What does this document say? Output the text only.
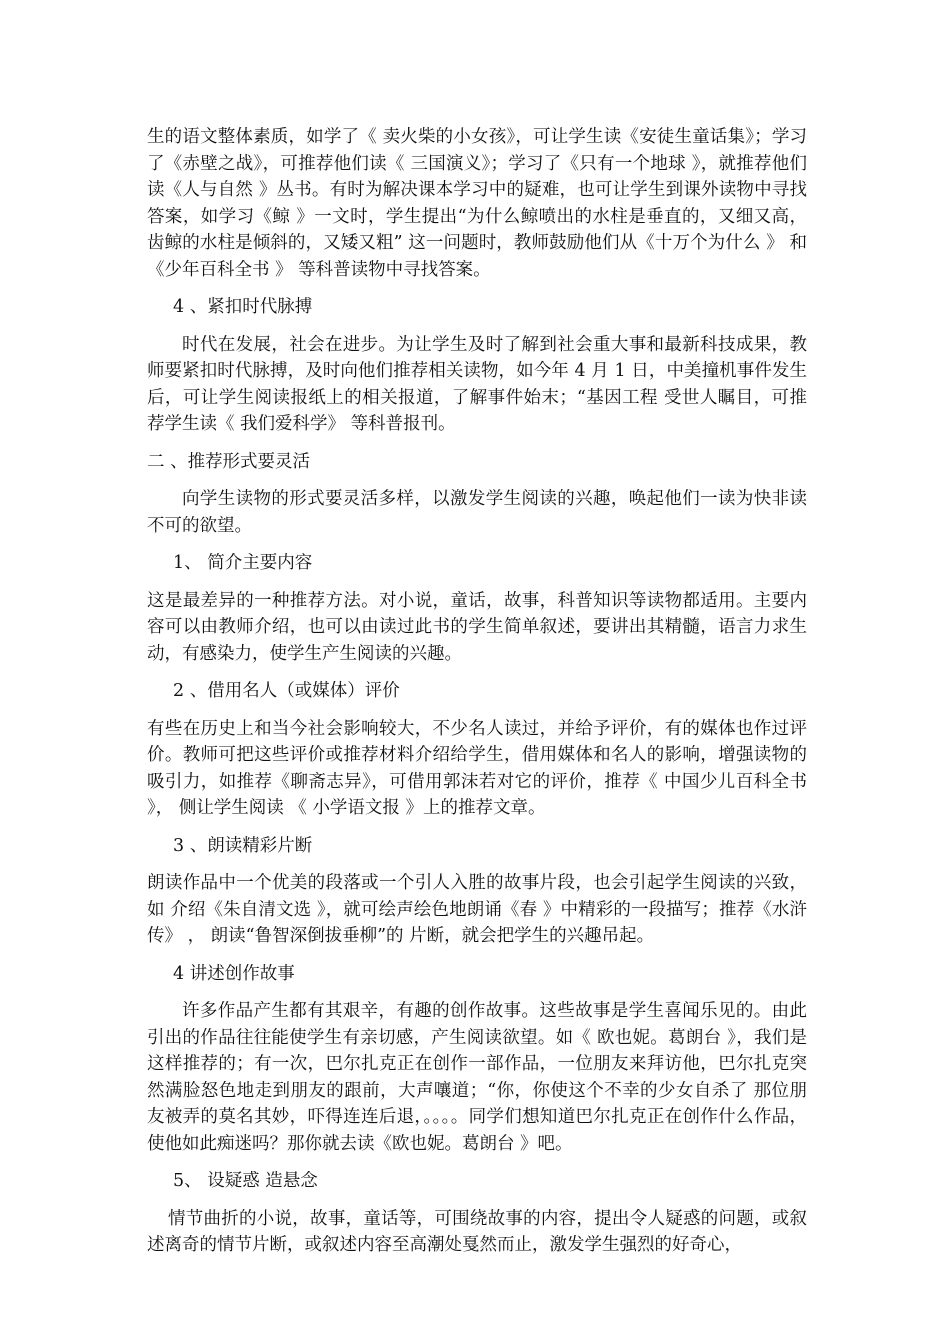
生的语文整体素质，如学了《 卖火柴的小女孩》，可让学生读《安徒生童话集》；学习了《赤壁之战》，可推荐他们读《 三国演义》；学习了《只有一个地球 》，就推荐他们读《人与自然 》丛书。有时为解决课本学习中的疑难，也可让学生到课外读物中寻找答案，如学习《鲸 》一文时，学生提出“为什么鲸喷出的水柱是垂直的，又细又高，齿鲸的水柱是倾斜的，又矮又粗” 这一问题时，教师鼓励他们从《十万个为什么 》 和 《少年百科全书 》 等科普读物中寻找答案。

4 、紧扣时代脉搏

时代在发展，社会在进步。为让学生及时了解到社会重大事和最新科技成果，教师要紧扣时代脉搏，及时向他们推荐相关读物，如今年 4 月 1 日，中美撞机事件发生后，可让学生阅读报纸上的相关报道，了解事件始末；“基因工程 受世人瞩目，可推荐学生读《 我们爱科学》 等科普报刊。

二 、推荐形式要灵活

向学生读物的形式要灵活多样，以激发学生阅读的兴趣，唤起他们一读为快非读不可的欲望。

1、 简介主要内容

这是最差异的一种推荐方法。对小说，童话，故事，科普知识等读物都适用。主要内容可以由教师介绍，也可以由读过此书的学生简单叙述，要讲出其精髓，语言力求生动，有感染力，使学生产生阅读的兴趣。

2 、借用名人（或媒体）评价

有些在历史上和当今社会影响较大，不少名人读过，并给予评价，有的媒体也作过评价。教师可把这些评价或推荐材料介绍给学生，借用媒体和名人的影响，增强读物的吸引力，如推荐《聊斋志异》，可借用郭沫若对它的评价，推荐《 中国少儿百科全书 》， 侧让学生阅读 《 小学语文报 》上的推荐文章。

3 、朗读精彩片断

朗读作品中一个优美的段落或一个引人入胜的故事片段，也会引起学生阅读的兴致，如 介绍《朱自清文选 》，就可绘声绘色地朗诵《春 》中精彩的一段描写；推荐《水浒传》 ， 朗读“鲁智深倒拔垂柳”的 片断，就会把学生的兴趣吊起。

4 讲述创作故事

许多作品产生都有其艰辛，有趣的创作故事。这些故事是学生喜闻乐见的。由此引出的作品往往能使学生有亲切感，产生阅读欲望。如《 欧也妮。葛朗台 》，我们是这样推荐的；有一次，巴尔扎克正在创作一部作品，一位朋友来拜访他，巴尔扎克突然满脸怒色地走到朋友的跟前，大声嚷道；“你，你使这个不幸的少女自杀了 那位朋友被弄的莫名其妙，吓得连连后退，。。。。同学们想知道巴尔扎克正在创作什么作品，使他如此痴迷吗？那你就去读《欧也妮。葛朗台 》吧。

5、 设疑惑 造悬念

情节曲折的小说，故事，童话等，可围绕故事的内容，提出令人疑惑的问题，或叙述离奇的情节片断，或叙述内容至高潮处戛然而止，激发学生强烈的好奇心，
